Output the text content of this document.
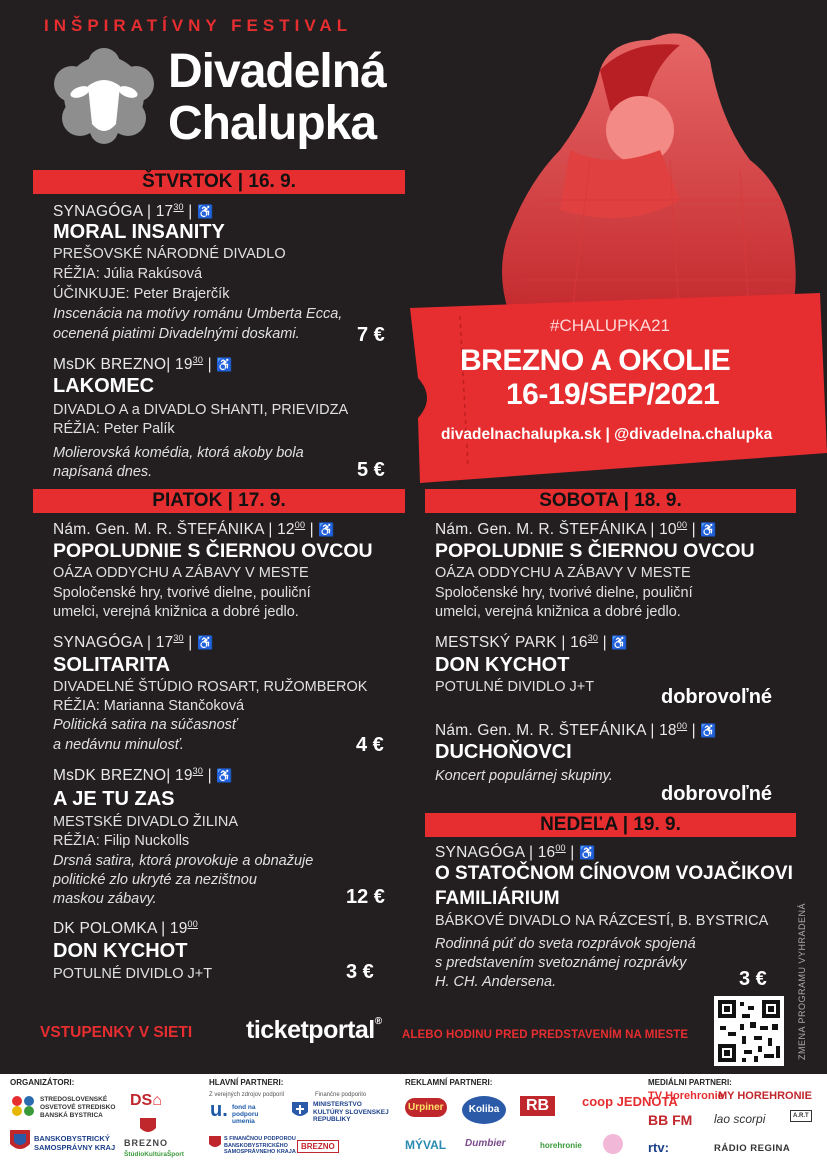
INŠPIRATÍVNY FESTIVAL
Divadelná
Chalupka
#CHALUPKA21
BREZNO A OKOLIE
16-19/SEP/2021
divadelnachalupka.sk | @divadelna.chalupka
ŠTVRTOK | 16. 9.
SYNAGÓGA | $17^{30}$ | ♿
MORAL INSANITY
PREŠOVSKÉ NÁRODNÉ DIVADLO
RÉŽIA: Júlia Rakúsová
ÚČINKUJE: Peter Brajerčík
Inscenácia na motívy románu Umberta Ecca,
ocenená piatimi Divadelnými doskami.	7 €
MsDK BREZNO| $19^{30}$ | ♿
LAKOMEC
DIVADLO A a DIVADLO SHANTI, PRIEVIDZA
RÉŽIA: Peter Palík
Molierovská komédia, ktorá akoby bola
napísaná dnes.	5 €
PIATOK | 17. 9.
Nám. Gen. M. R. ŠTEFÁNIKA | $12^{00}$ | ♿
POPOLUDNIE S ČIERNOU OVCOU
OÁZA ODDYCHU A ZÁBAVY V MESTE
Spoločenské hry, tvorivé dielne, pouliční
umelci, verejná knižnica a dobré jedlo.
SYNAGÓGA | $17^{30}$ | ♿
SOLITARITA
DIVADELNÉ ŠTÚDIO ROSART, RUŽOMBEROK
RÉŽIA: Marianna Stančoková
Politická satira na súčasnosť
a nedávnu minulosť.	4 €
MsDK BREZNO| $19^{30}$ | ♿
A JE TU ZAS
MESTSKÉ DIVADLO ŽILINA
RÉŽIA: Filip Nuckolls
Drsná satira, ktorá provokuje a obnažuje
politické zlo ukryté za nezištnou
maskou zábavy.	12 €
DK POLOMKA | $19^{00}$
DON KYCHOT
POTULNÉ DIVIDLO J+T	3 €
SOBOTA | 18. 9.
Nám. Gen. M. R. ŠTEFÁNIKA | $10^{00}$ | ♿
POPOLUDNIE S ČIERNOU OVCOU
OÁZA ODDYCHU A ZÁBAVY V MESTE
Spoločenské hry, tvorivé dielne, pouliční
umelci, verejná knižnica a dobré jedlo.
MESTSKÝ PARK | $16^{30}$ | ♿
DON KYCHOT
POTULNÉ DIVIDLO J+T	dobrovoľné
Nám. Gen. M. R. ŠTEFÁNIKA | $18^{00}$ | ♿
DUCHOŇOVCI
Koncert populárnej skupiny.
dobrovoľné
NEDEĽA | 19. 9.
SYNAGÓGA | $16^{00}$ | ♿
O STATOČNOM CÍNOVOM VOJAČIKOVI
FAMILIÁRIUM
BÁBKOVÉ DIVADLO NA RÁZCESTÍ, B. BYSTRICA
Rodinná púť do sveta rozprávok spojená
s predstavením svetoznámej rozprávky
H. CH. Andersena.	3 €	ZMENA PROGRAMU VYHRADENÁ
VSTUPENKY V SIETI ticketportal®
ALEBO HODINU PRED PREDSTAVENÍM NA MIESTE
ORGANIZÁTORI:	HLAVNÍ PARTNERI:	REKLAMNÍ PARTNERI:	MEDIÁLNI PARTNERI:
STREDOSLOVENSKÉ OSVETOVÉ STREDISKO BANSKÁ BYSTRICA
BANSKOBYSTRICKÝ SAMOSPRÁVNY KRAJ
DS⌂
BREZNO
ŠtúdioKultúraŠport
Z verejných zdrojov podporil
u. fond na podporu umenia
Finančne podporilo
MINISTERSTVO KULTÚRY SLOVENSKEJ REPUBLIKY
S FINANČNOU PODPOROU BANSKOBYSTRICKÉHO SAMOSPRÁVNEHO KRAJA
BREZNO
Urpiner	Koliba	RB	coop JEDNOTA
MÝVAL Dumbier	horehronie
TV Horehronie
MY HOREHRONIE
BB FM lao scorpi	A.R.T
rtv:	RÁDIO REGINA
